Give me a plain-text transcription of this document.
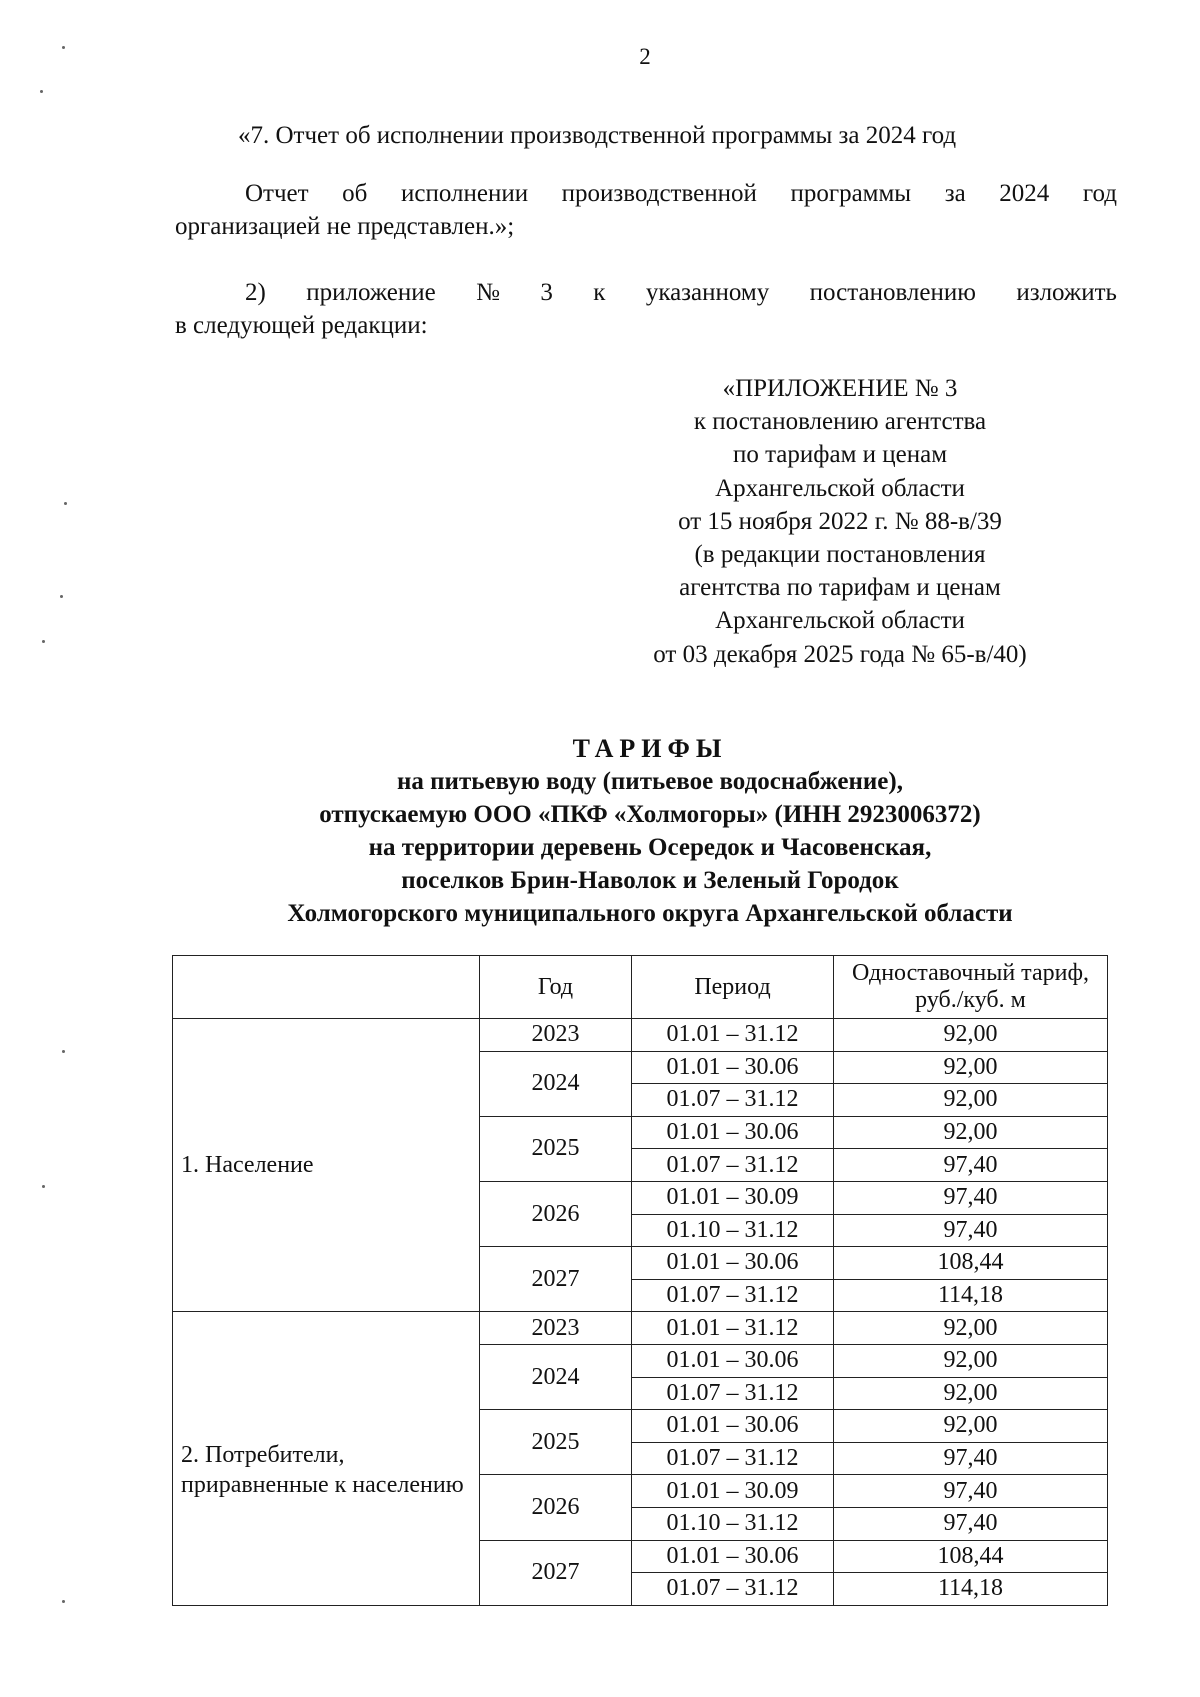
2
«7. Отчет об исполнении производственной программы за 2024 год
Отчет об исполнении производственной программы за 2024 год
организацией не представлен.»;
2) приложение № 3 к указанному постановлению изложить
в следующей редакции:
«ПРИЛОЖЕНИЕ № 3
к постановлению агентства
по тарифам и ценам
Архангельской области
от 15 ноября 2022 г. № 88-в/39
(в редакции постановления
агентства по тарифам и ценам
Архангельской области
от 03 декабря 2025 года № 65-в/40)
ТАРИФЫ
на питьевую воду (питьевое водоснабжение),
отпускаемую ООО «ПКФ «Холмогоры» (ИНН 2923006372)
на территории деревень Осередок и Часовенская,
поселков Брин-Наволок и Зеленый Городок
Холмогорского муниципального округа Архангельской области
	Год	Период	Одноставочный тариф, руб./куб. м
1. Население	2023	01.01 – 31.12	92,00
	2024	01.01 – 30.06	92,00
		01.07 – 31.12	92,00
	2025	01.01 – 30.06	92,00
		01.07 – 31.12	97,40
	2026	01.01 – 30.09	97,40
		01.10 – 31.12	97,40
	2027	01.01 – 30.06	108,44
		01.07 – 31.12	114,18
2. Потребители, приравненные к населению	2023	01.01 – 31.12	92,00
	2024	01.01 – 30.06	92,00
		01.07 – 31.12	92,00
	2025	01.01 – 30.06	92,00
		01.07 – 31.12	97,40
	2026	01.01 – 30.09	97,40
		01.10 – 31.12	97,40
	2027	01.01 – 30.06	108,44
		01.07 – 31.12	114,18
